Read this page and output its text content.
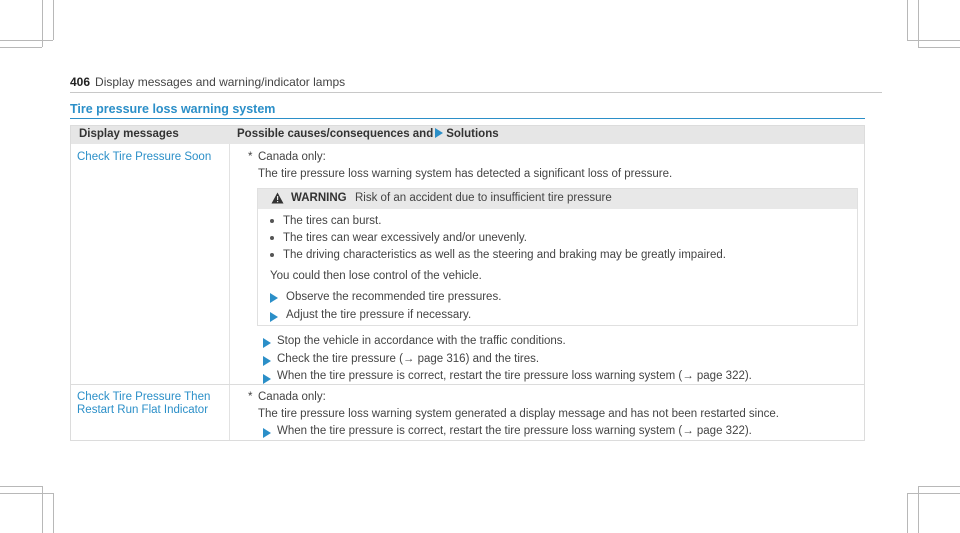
406 Display messages and warning/indicator lamps
Tire pressure loss warning system
Display messages	Possible causes/consequences and Solutions
Check Tire Pressure Soon	* Canada only:
The tire pressure loss warning system has detected a significant loss of pressure.
WARNING Risk of an accident due to insufficient tire pressure
The tires can burst.
The tires can wear excessively and/or unevenly.
The driving characteristics as well as the steering and braking may be greatly impaired.
You could then lose control of the vehicle.
Observe the recommended tire pressures.
Adjust the tire pressure if necessary.
Stop the vehicle in accordance with the traffic conditions.
Check the tire pressure (→ page 316) and the tires.
When the tire pressure is correct, restart the tire pressure loss warning system (→ page 322).
Check Tire Pressure Then
Restart Run Flat Indicator
* Canada only:
The tire pressure loss warning system generated a display message and has not been restarted since.
When the tire pressure is correct, restart the tire pressure loss warning system (→ page 322).
